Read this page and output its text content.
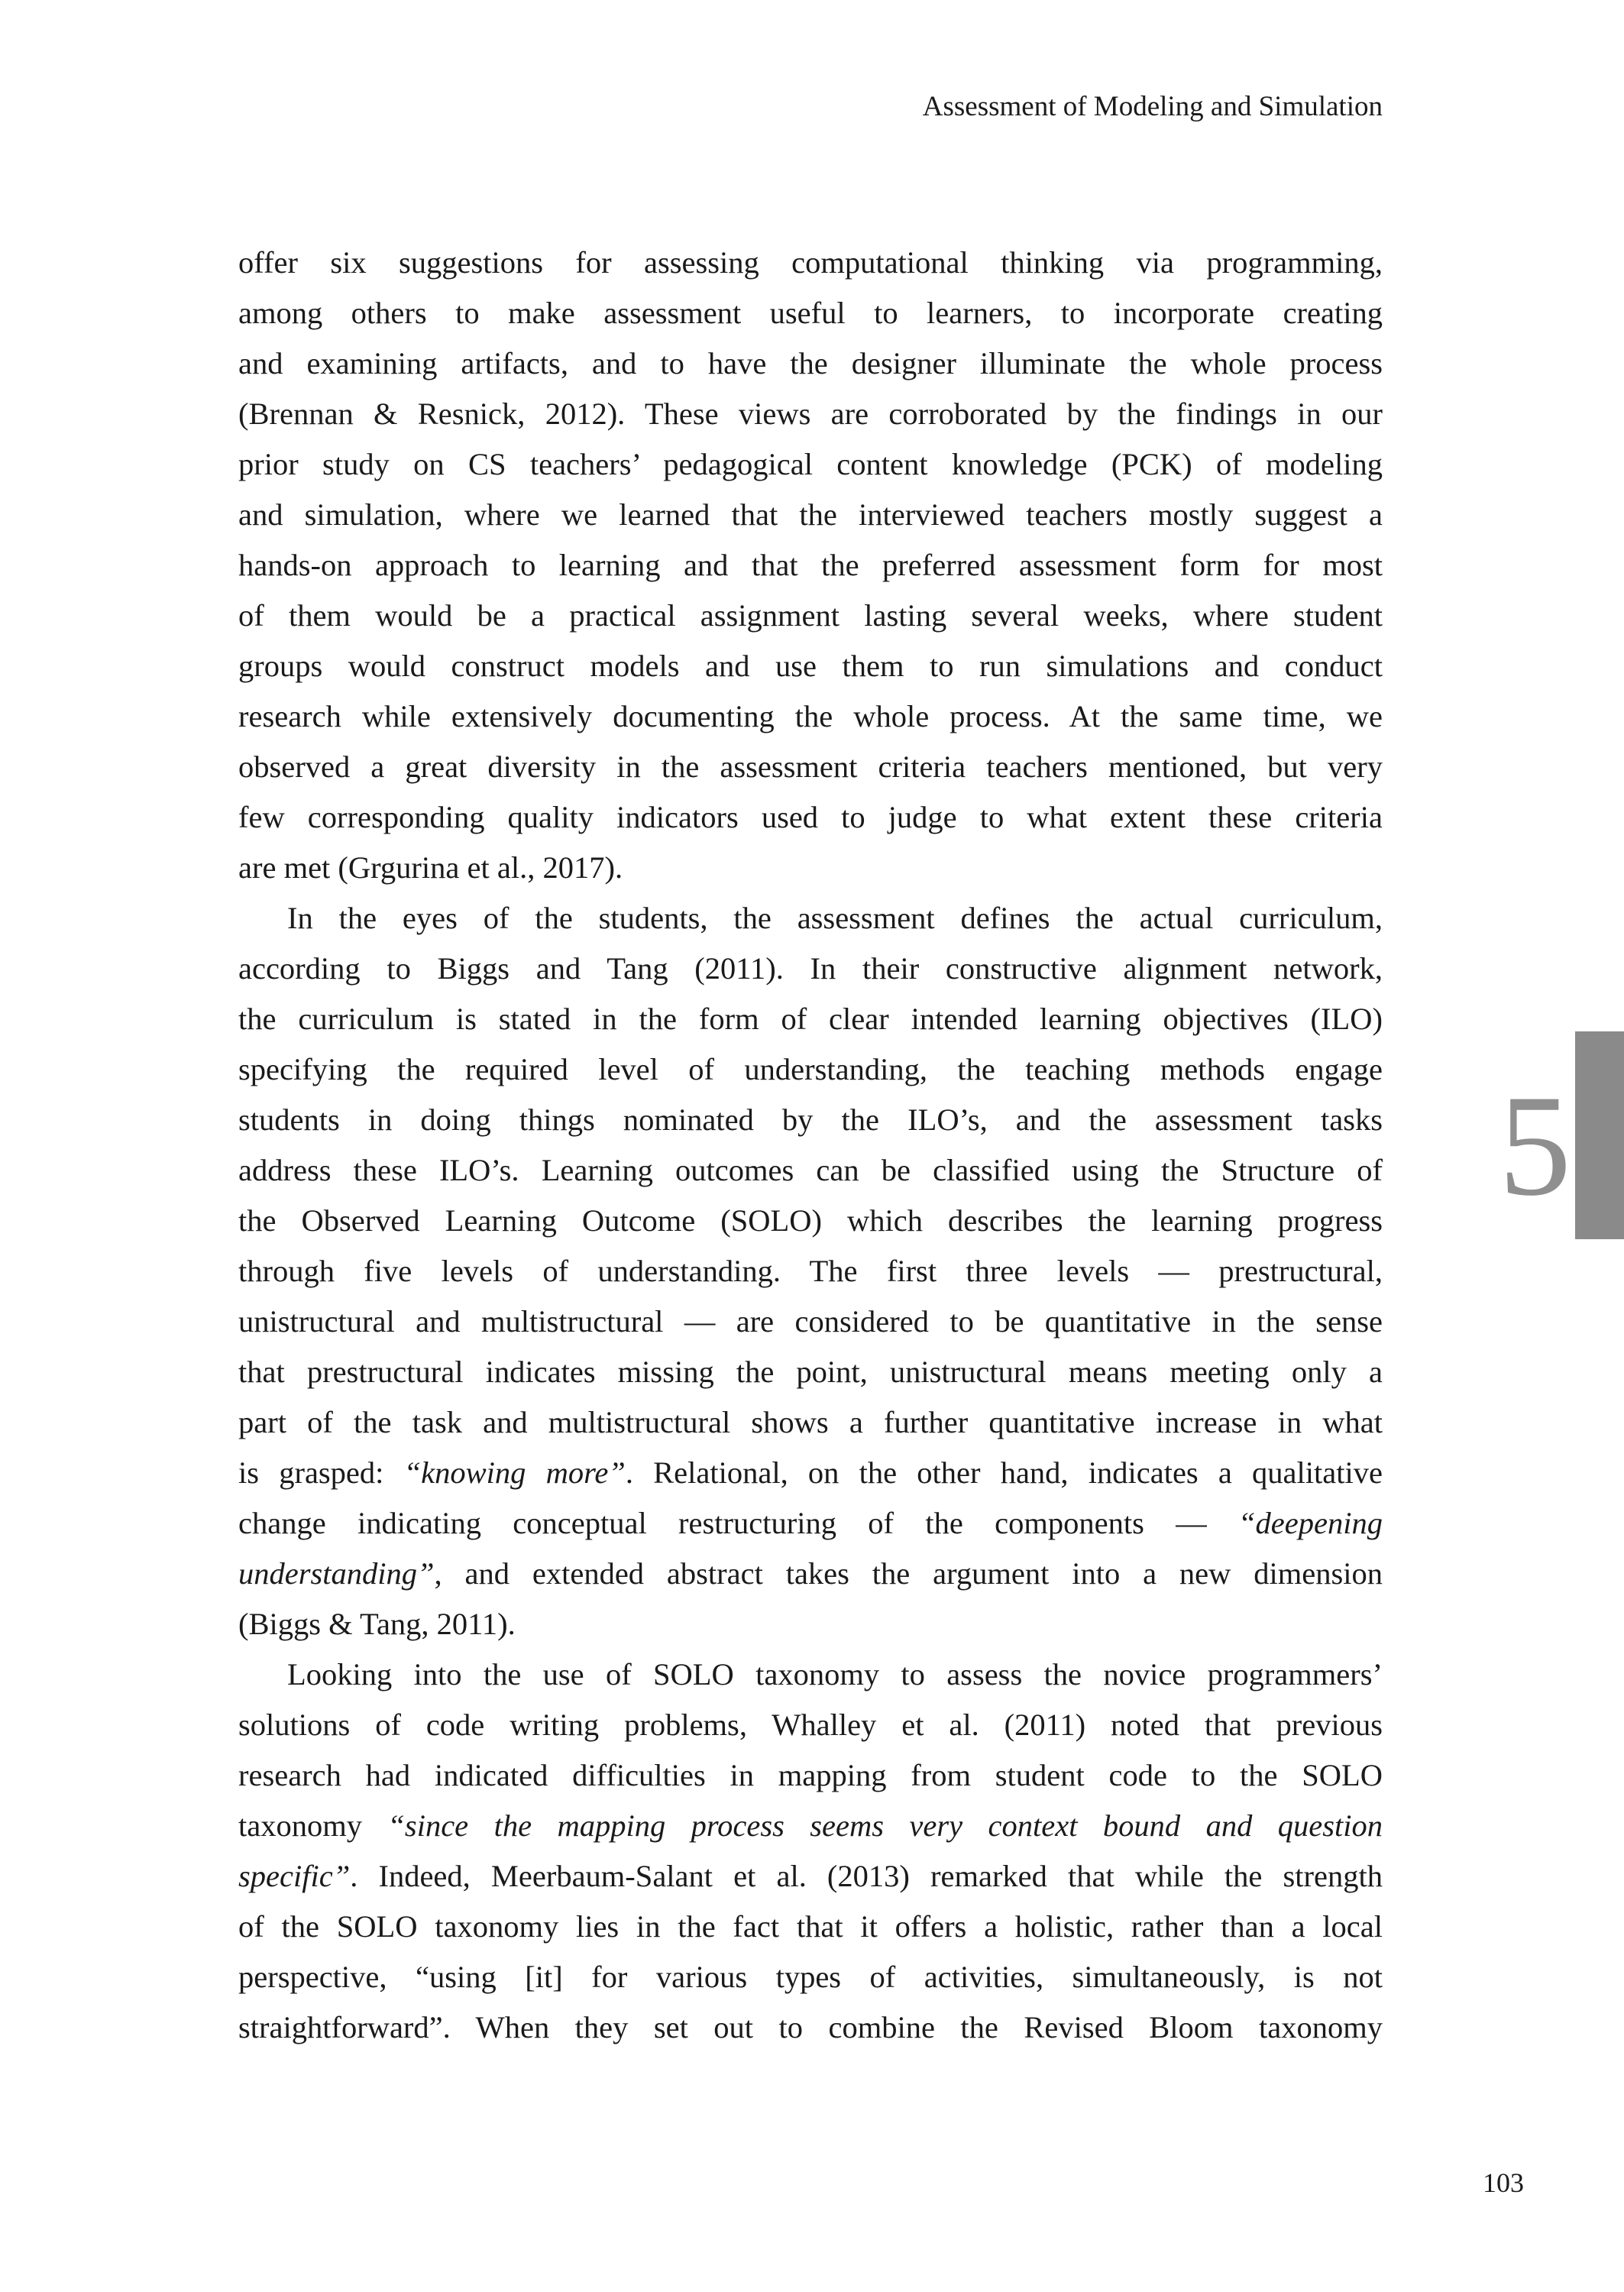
Assessment of Modeling and Simulation
offer six suggestions for assessing computational thinking via programming,
among others to make assessment useful to learners, to incorporate creating
and examining artifacts, and to have the designer illuminate the whole process
(Brennan & Resnick, 2012). These views are corroborated by the findings in our
prior study on CS teachers’ pedagogical content knowledge (PCK) of modeling
and simulation, where we learned that the interviewed teachers mostly suggest a
hands-on approach to learning and that the preferred assessment form for most
of them would be a practical assignment lasting several weeks, where student
groups would construct models and use them to run simulations and conduct
research while extensively documenting the whole process. At the same time, we
observed a great diversity in the assessment criteria teachers mentioned, but very
few corresponding quality indicators used to judge to what extent these criteria
are met (Grgurina et al., 2017).
In the eyes of the students, the assessment defines the actual curriculum,
according to Biggs and Tang (2011). In their constructive alignment network,
the curriculum is stated in the form of clear intended learning objectives (ILO)
specifying the required level of understanding, the teaching methods engage
students in doing things nominated by the ILO’s, and the assessment tasks
address these ILO’s. Learning outcomes can be classified using the Structure of
the Observed Learning Outcome (SOLO) which describes the learning progress
through five levels of understanding. The first three levels — prestructural,
unistructural and multistructural — are considered to be quantitative in the sense
that prestructural indicates missing the point, unistructural means meeting only a
part of the task and multistructural shows a further quantitative increase in what
is grasped: “knowing more”. Relational, on the other hand, indicates a qualitative
change indicating conceptual restructuring of the components — “deepening
understanding”, and extended abstract takes the argument into a new dimension
(Biggs & Tang, 2011).
Looking into the use of SOLO taxonomy to assess the novice programmers’
solutions of code writing problems, Whalley et al. (2011) noted that previous
research had indicated difficulties in mapping from student code to the SOLO
taxonomy “since the mapping process seems very context bound and question
specific”. Indeed, Meerbaum-Salant et al. (2013) remarked that while the strength
of the SOLO taxonomy lies in the fact that it offers a holistic, rather than a local
perspective, “using [it] for various types of activities, simultaneously, is not
straightforward”. When they set out to combine the Revised Bloom taxonomy
5
103
